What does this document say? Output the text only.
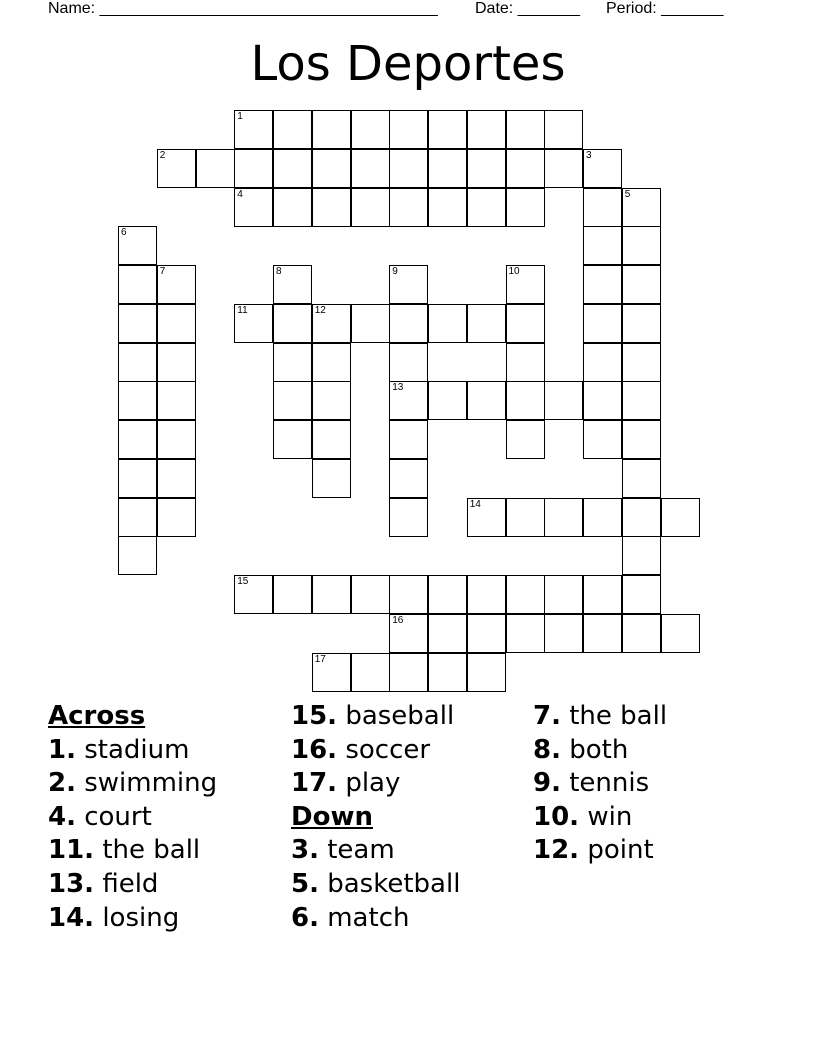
Name: ______________________________________ Date: _______ Period: _______
Los Deportes
1
2	3
4	5
6
7	8	9	10
11	12
13
14
15
16
17
Across
1. stadium
2. swimming
4. court
11. the ball
13. field
14. losing
15. baseball
16. soccer
17. play
Down
3. team
5. basketball
6. match
7. the ball
8. both
9. tennis
10. win
12. point
